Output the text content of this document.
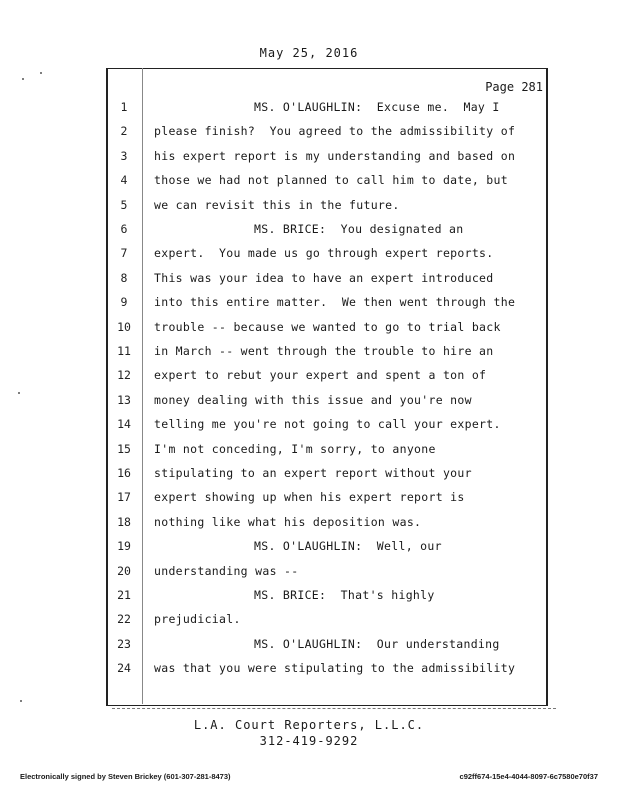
May 25, 2016
Page 281
1	MS. O'LAUGHLIN:  Excuse me.  May I
2	please finish?  You agreed to the admissibility of
3	his expert report is my understanding and based on
4	those we had not planned to call him to date, but
5	we can revisit this in the future.
6	MS. BRICE:  You designated an
7	expert.  You made us go through expert reports.
8	This was your idea to have an expert introduced
9	into this entire matter.  We then went through the
10	trouble -- because we wanted to go to trial back
11	in March -- went through the trouble to hire an
12	expert to rebut your expert and spent a ton of
13	money dealing with this issue and you're now
14	telling me you're not going to call your expert.
15	I'm not conceding, I'm sorry, to anyone
16	stipulating to an expert report without your
17	expert showing up when his expert report is
18	nothing like what his deposition was.
19	MS. O'LAUGHLIN:  Well, our
20	understanding was --
21	MS. BRICE:  That's highly
22	prejudicial.
23	MS. O'LAUGHLIN:  Our understanding
24	was that you were stipulating to the admissibility
L.A. Court Reporters, L.L.C.
312-419-9292
Electronically signed by Steven Brickey (601-307-281-8473)	c92ff674-15e4-4044-8097-6c7580e70f37
